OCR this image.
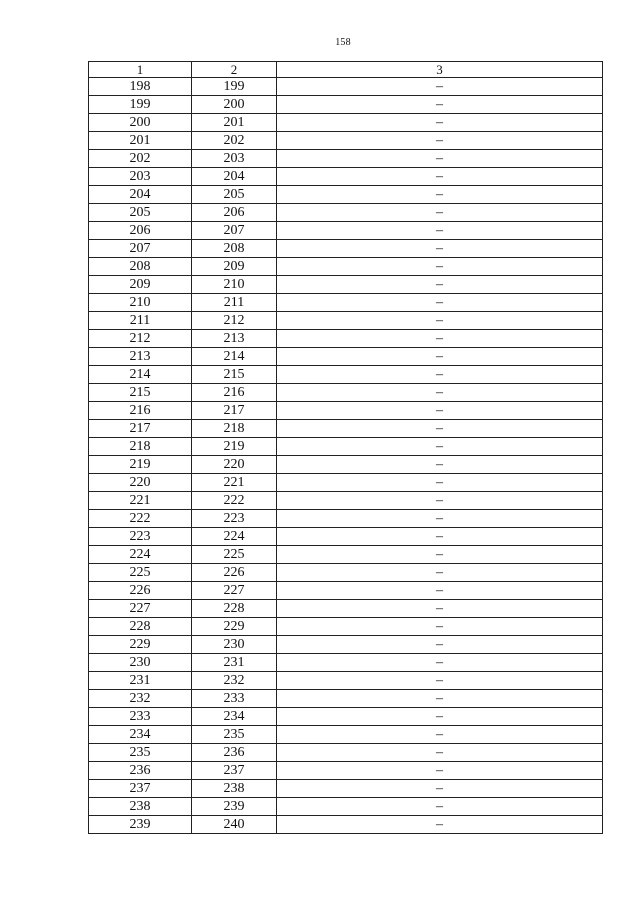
158
1	2	3
198	199	–
199	200	–
200	201	–
201	202	–
202	203	–
203	204	–
204	205	–
205	206	–
206	207	–
207	208	–
208	209	–
209	210	–
210	211	–
211	212	–
212	213	–
213	214	–
214	215	–
215	216	–
216	217	–
217	218	–
218	219	–
219	220	–
220	221	–
221	222	–
222	223	–
223	224	–
224	225	–
225	226	–
226	227	–
227	228	–
228	229	–
229	230	–
230	231	–
231	232	–
232	233	–
233	234	–
234	235	–
235	236	–
236	237	–
237	238	–
238	239	–
239	240	–
